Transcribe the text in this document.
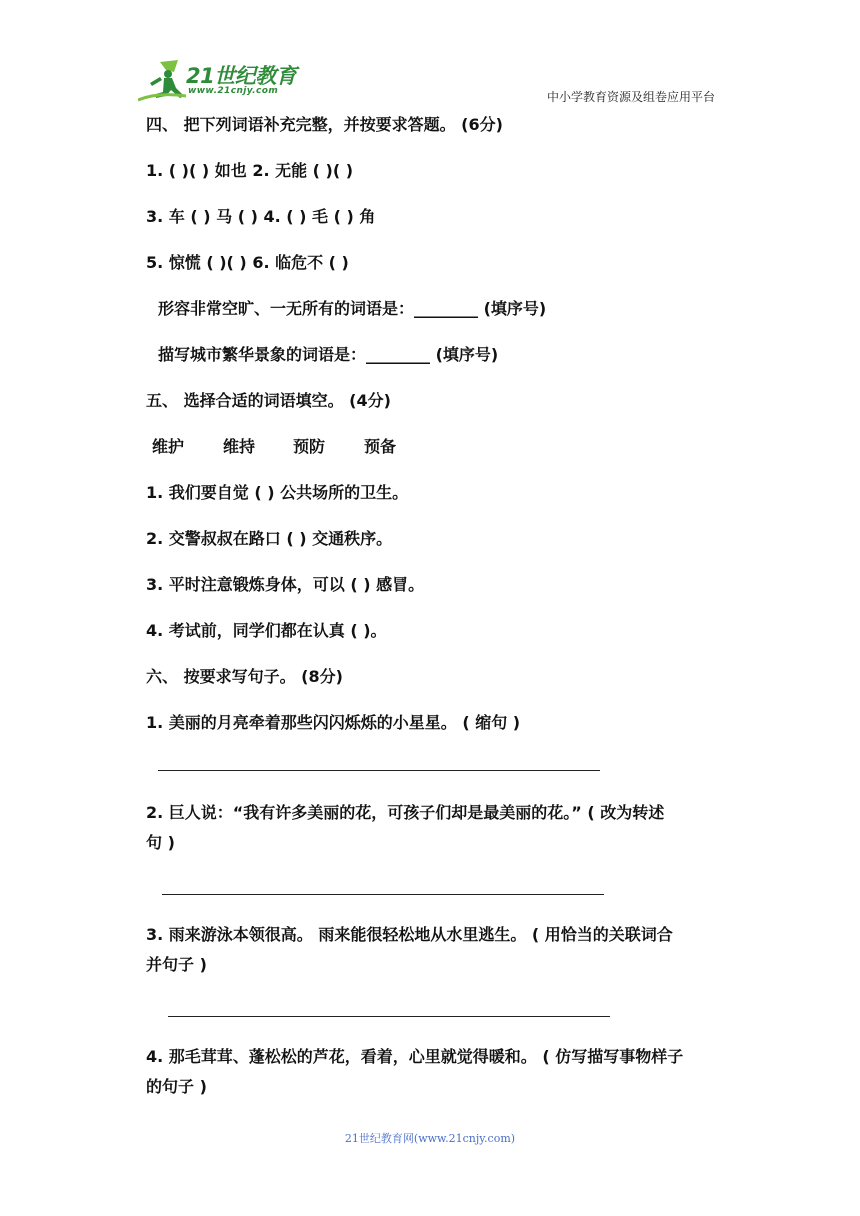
21世纪教育
www.21cnjy.com	中小学教育资源及组卷应用平台
四、 把下列词语补充完整，并按要求答题。 (6分)
1. ( )( ) 如也 2. 无能 ( )( )
3. 车 ( ) 马 ( ) 4. ( ) 毛 ( ) 角
5. 惊慌 ( )( ) 6. 临危不 ( )
形容非常空旷、一无所有的词语是：________ (填序号)
描写城市繁华景象的词语是：________ (填序号)
五、 选择合适的词语填空。 (4分)
维护 维持 预防 预备
1. 我们要自觉 ( ) 公共场所的卫生。
2. 交警叔叔在路口 ( ) 交通秩序。
3. 平时注意锻炼身体，可以 ( ) 感冒。
4. 考试前，同学们都在认真 ( )。
六、 按要求写句子。 (8分)
1. 美丽的月亮牵着那些闪闪烁烁的小星星。 ( 缩句 )
2. 巨人说：“我有许多美丽的花，可孩子们却是最美丽的花。” ( 改为转述
句 )
3. 雨来游泳本领很高。 雨来能很轻松地从水里逃生。 ( 用恰当的关联词合
并句子 )
4. 那毛茸茸、蓬松松的芦花，看着，心里就觉得暖和。 ( 仿写描写事物样子
的句子 )
21世纪教育网(www.21cnjy.com)
